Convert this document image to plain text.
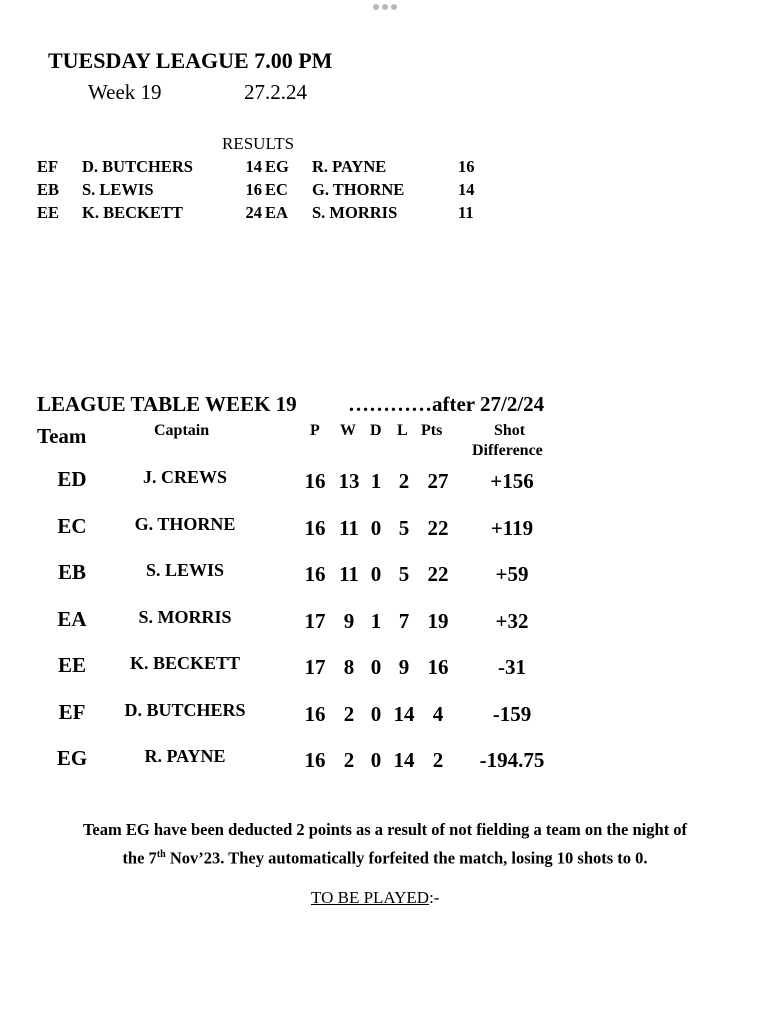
TUESDAY LEAGUE 7.00 PM
Week 19	27.2.24
RESULTS
EF	D. BUTCHERS	14 EG	R. PAYNE	16
EB	S. LEWIS	16 EC	G. THORNE	14
EE	K. BECKETT	24 EA	S. MORRIS	11
LEAGUE TABLE WEEK 19 …………after 27/2/24
Team	Captain	P W D L Pts	Shot
Difference
ED	J. CREWS	16 13 1 2 27	+156
EC	G. THORNE	16 11 0 5 22	+119
EB	S. LEWIS	16 11 0 5 22	+59
EA	S. MORRIS	17 9 1 7 19	+32
EE	K. BECKETT	17 8 0 9 16	-31
EF	D. BUTCHERS	16 2 0 14 4	-159
EG	R. PAYNE	16 2 0 14 2	-194.75
Team EG have been deducted 2 points as a result of not fielding a team on the night of
the 7th Nov’23. They automatically forfeited the match, losing 10 shots to 0.
TO BE PLAYED:-
